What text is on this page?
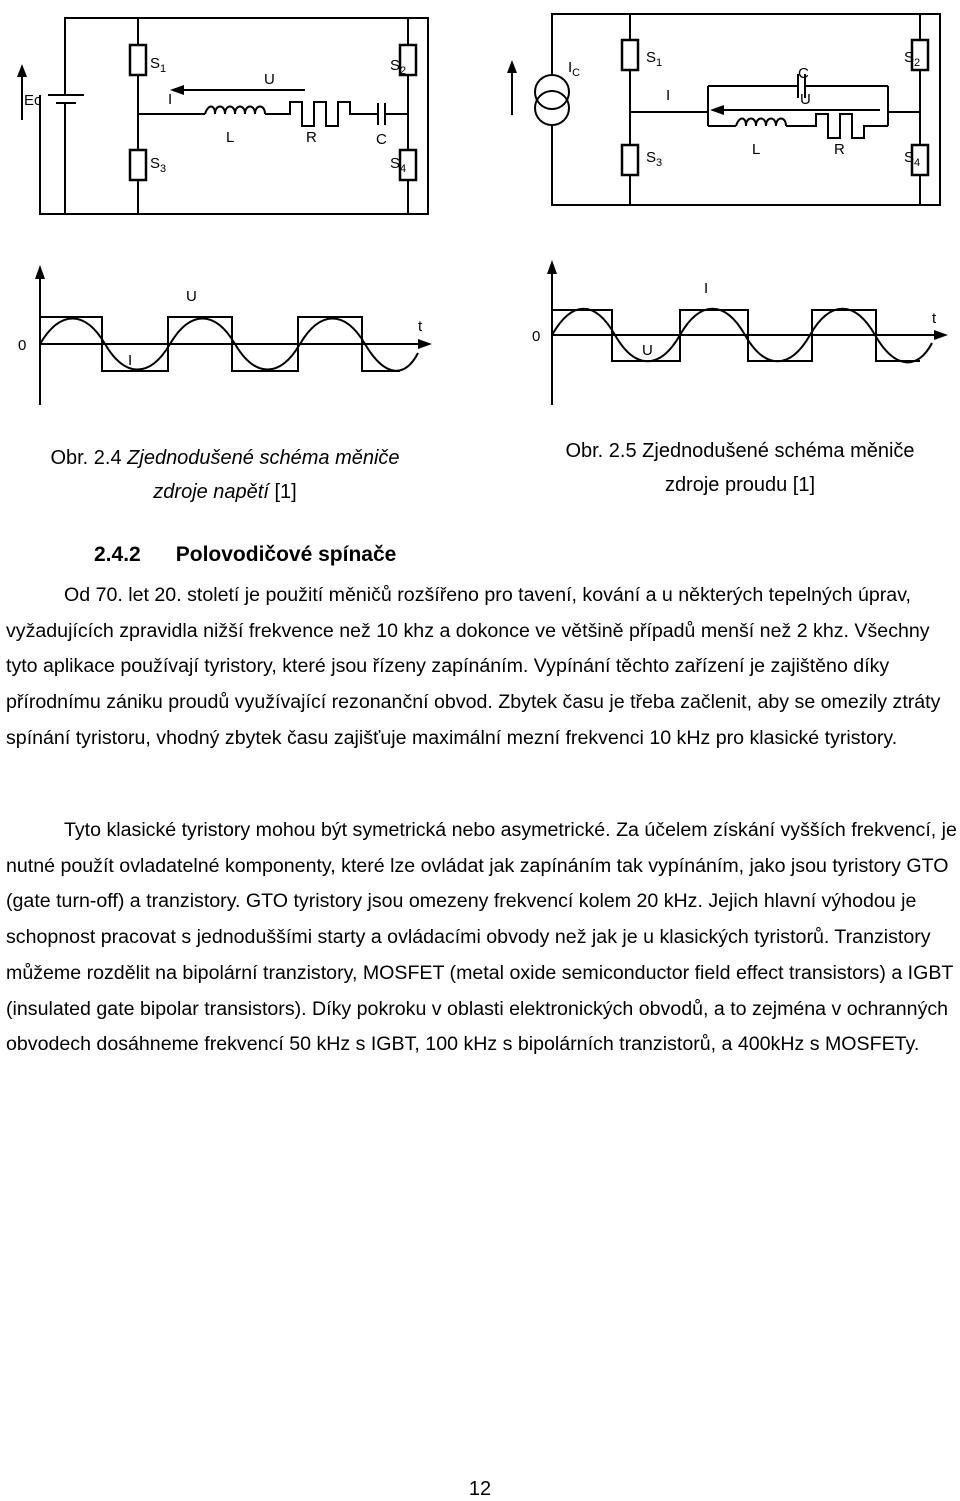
Ec
$S_1$
$S_3$
$S_2$
$S_4$
U
I
L	R	C
$I_C$
$S_1$
$S_3$
$S_2$
$S_4$
C
U
I
L	R
U
I
t
0
I
U
t
0
Obr. 2.4 Zjednodušené schéma měniče
zdroje napětí [1]
Obr. 2.5 Zjednodušené schéma měniče
zdroje proudu [1]
2.4.2 Polovodičové spínače

Od 70. let 20. století je použití měničů rozšířeno pro tavení, kování a u některých tepelných úprav, vyžadujících zpravidla nižší frekvence než 10 khz a dokonce ve většině případů menší než 2 khz. Všechny tyto aplikace používají tyristory, které jsou řízeny zapínáním. Vypínání těchto zařízení je zajištěno díky přírodnímu zániku proudů využívající rezonanční obvod. Zbytek času je třeba začlenit, aby se omezily ztráty spínání tyristoru, vhodný zbytek času zajišťuje maximální mezní frekvenci 10 kHz pro klasické tyristory.

Tyto klasické tyristory mohou být symetrická nebo asymetrické. Za účelem získání vyšších frekvencí, je nutné použít ovladatelné komponenty, které lze ovládat jak zapínáním tak vypínáním, jako jsou tyristory GTO (gate turn-off) a tranzistory. GTO tyristory jsou omezeny frekvencí kolem 20 kHz. Jejich hlavní výhodou je schopnost pracovat s jednoduššími starty a ovládacími obvody než jak je u klasických tyristorů. Tranzistory můžeme rozdělit na bipolární tranzistory, MOSFET (metal oxide semiconductor field effect transistors) a IGBT (insulated gate bipolar transistors). Díky pokroku v oblasti elektronických obvodů, a to zejména v ochranných obvodech dosáhneme frekvencí 50 kHz s IGBT, 100 kHz s bipolárních tranzistorů, a 400kHz s MOSFETy.

12
